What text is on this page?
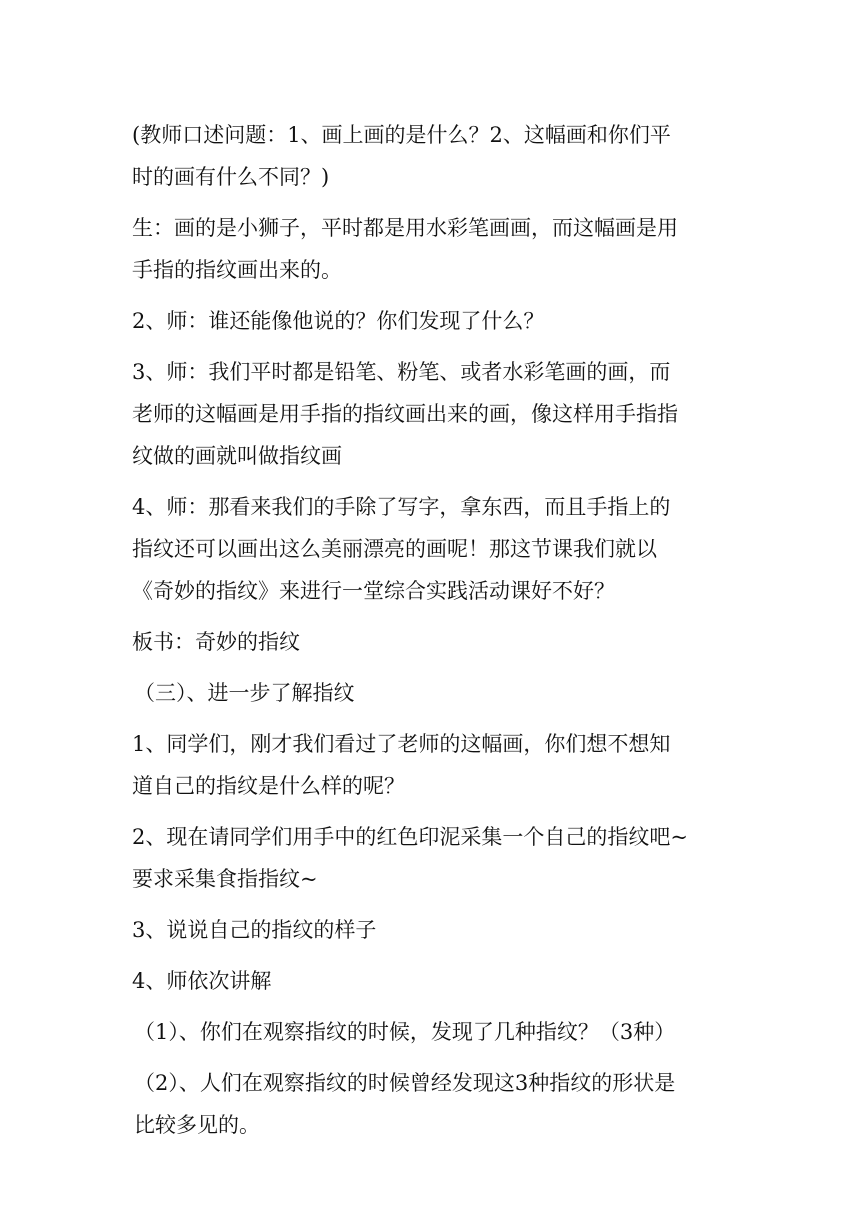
(教师口述问题：1、画上画的是什么？2、这幅画和你们平
时的画有什么不同？)

生：画的是小狮子，平时都是用水彩笔画画，而这幅画是用
手指的指纹画出来的。

2、师：谁还能像他说的？你们发现了什么？

3、师：我们平时都是铅笔、粉笔、或者水彩笔画的画，而
老师的这幅画是用手指的指纹画出来的画，像这样用手指指
纹做的画就叫做指纹画

4、师：那看来我们的手除了写字，拿东西，而且手指上的
指纹还可以画出这么美丽漂亮的画呢！那这节课我们就以
《奇妙的指纹》来进行一堂综合实践活动课好不好？

板书：奇妙的指纹

（三）、进一步了解指纹

1、同学们，刚才我们看过了老师的这幅画，你们想不想知
道自己的指纹是什么样的呢？

2、现在请同学们用手中的红色印泥采集一个自己的指纹吧~
要求采集食指指纹~

3、说说自己的指纹的样子

4、师依次讲解

（1）、你们在观察指纹的时候，发现了几种指纹？（3种）

（2）、人们在观察指纹的时候曾经发现这3种指纹的形状是
比较多见的。
